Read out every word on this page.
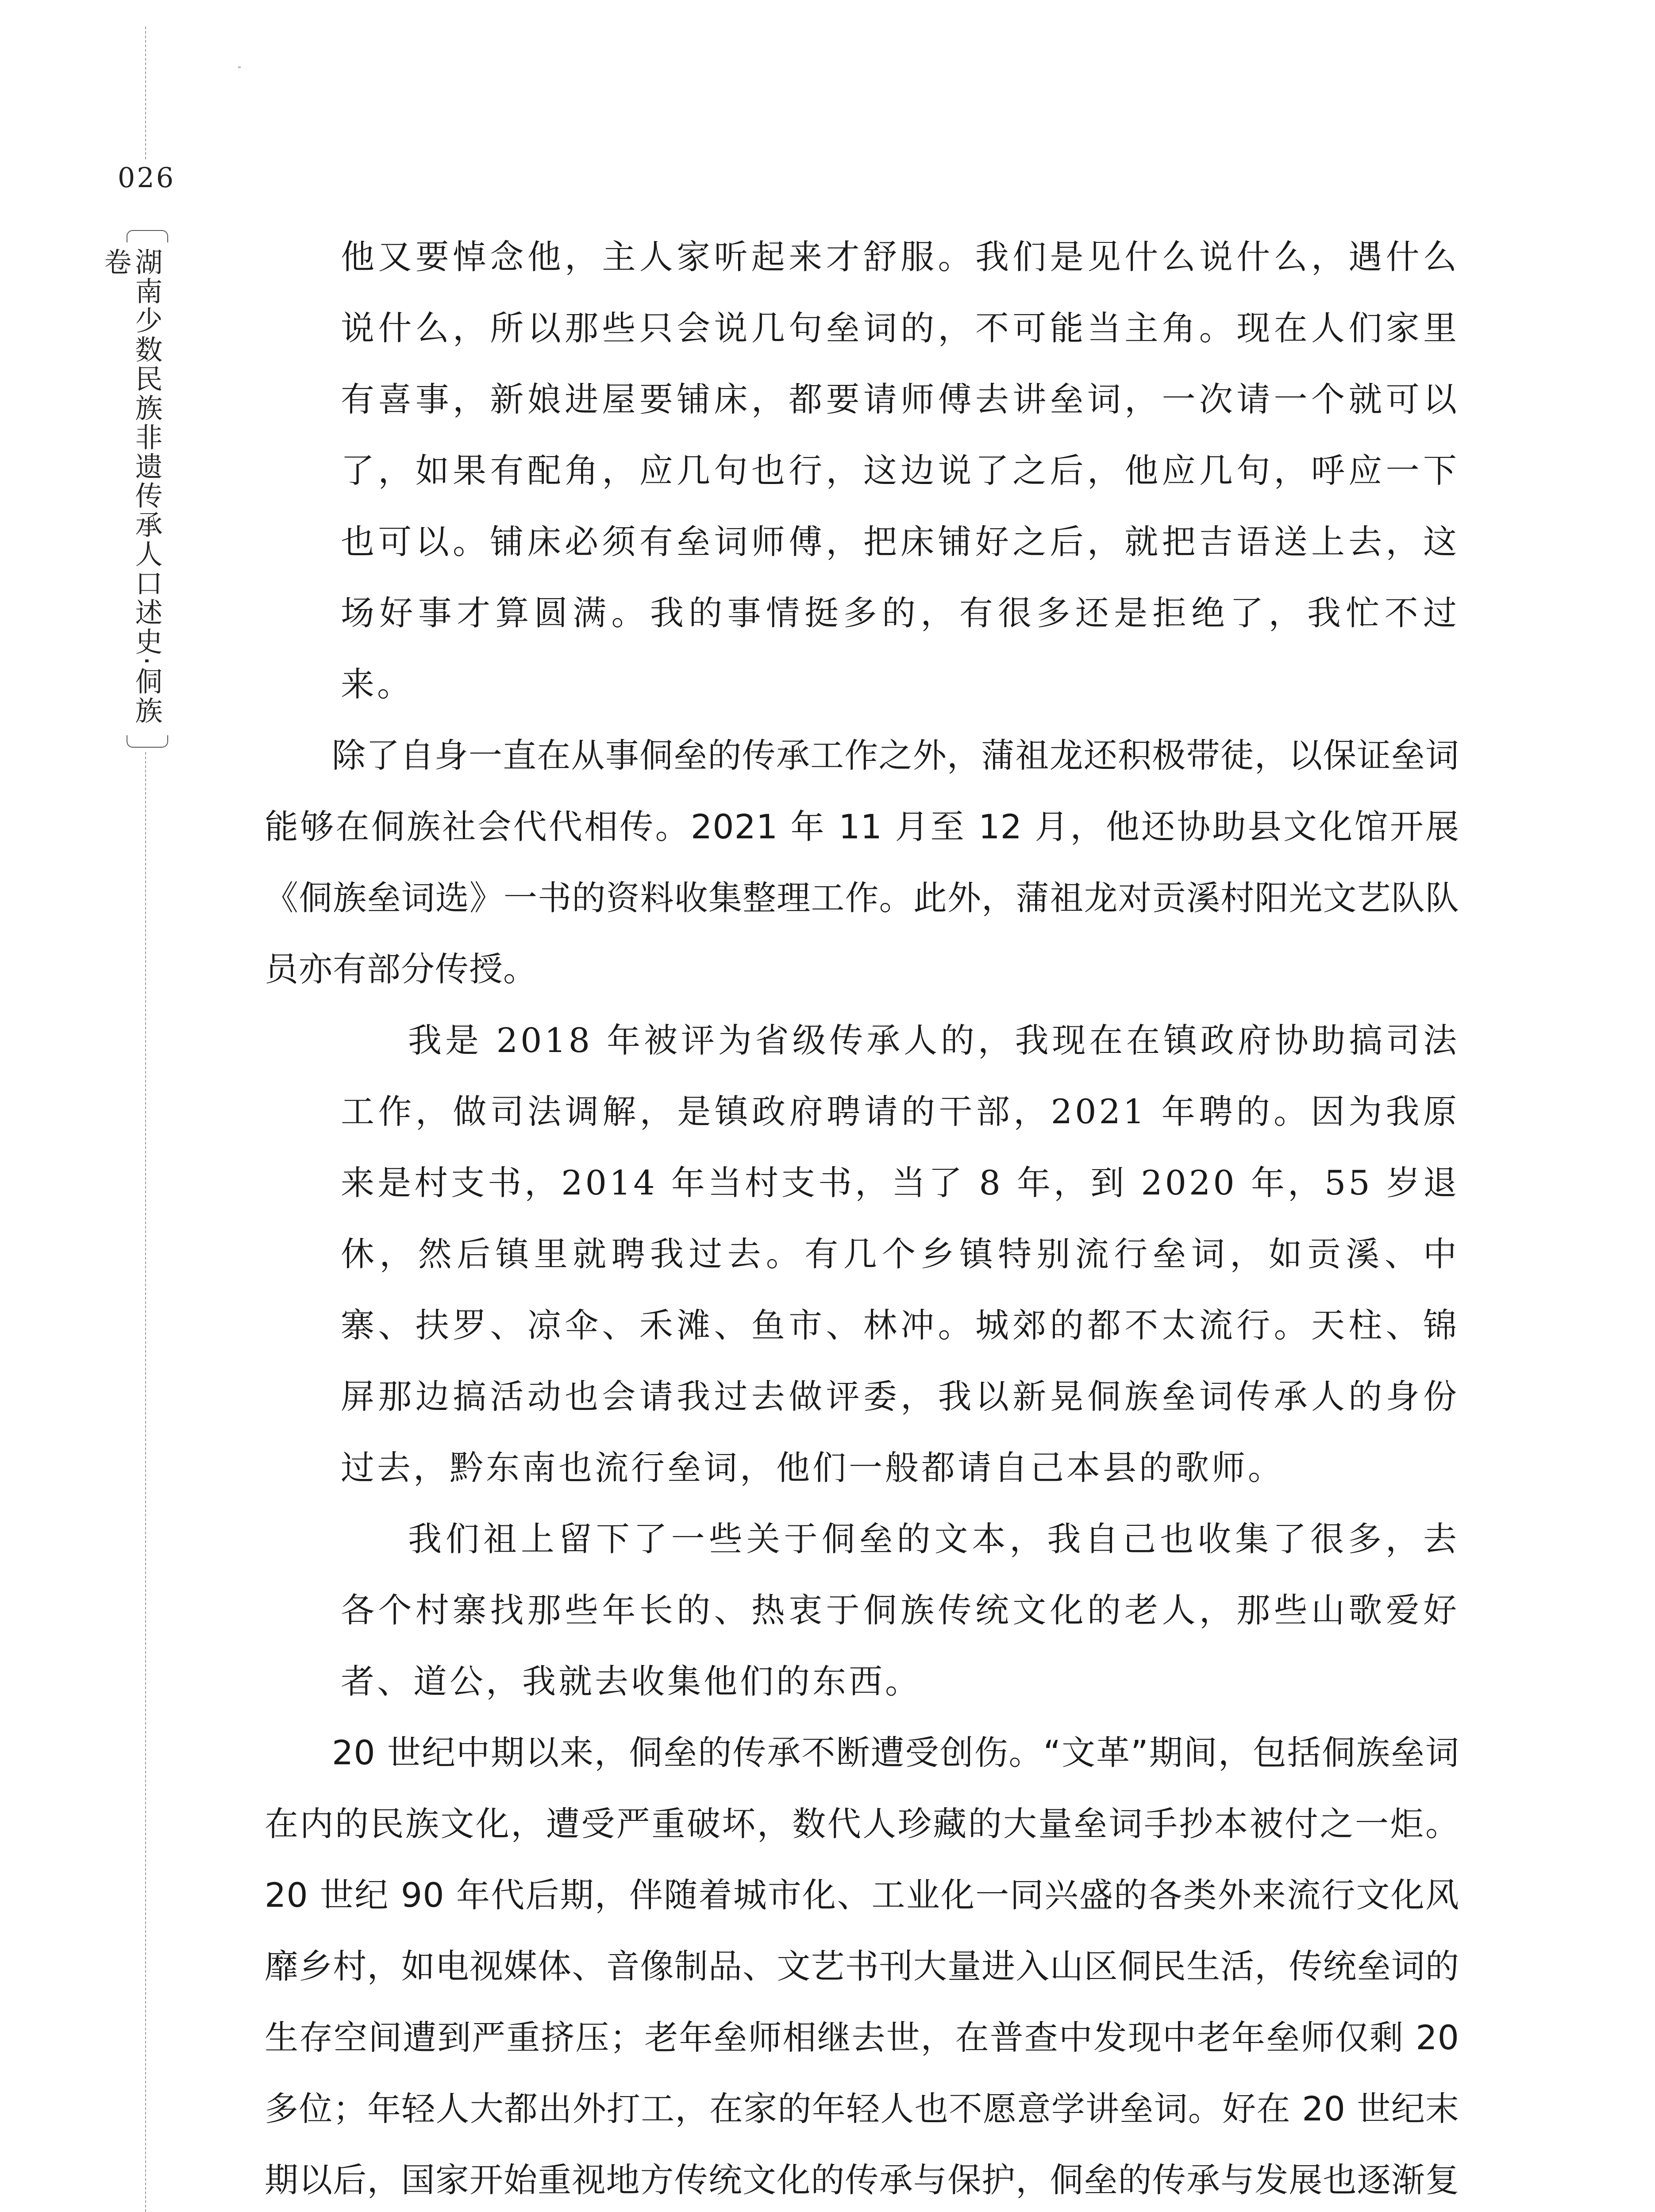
026
湖南少数民族非遗传承人口述史·侗族卷	他又要悼念他，主人家听起来才舒服。我们是见什么说什么，遇什么说什么，所以那些只会说几句垒词的，不可能当主角。现在人们家里有喜事，新娘进屋要铺床，都要请师傅去讲垒词，一次请一个就可以了，如果有配角，应几句也行，这边说了之后，他应几句，呼应一下也可以。铺床必须有垒词师傅，把床铺好之后，就把吉语送上去，这场好事才算圆满。我的事情挺多的，有很多还是拒绝了，我忙不过来。

除了自身一直在从事侗垒的传承工作之外，蒲祖龙还积极带徒，以保证垒词能够在侗族社会代代相传。2021 年 11 月至 12 月，他还协助县文化馆开展《侗族垒词选》一书的资料收集整理工作。此外，蒲祖龙对贡溪村阳光文艺队队员亦有部分传授。

我是 2018 年被评为省级传承人的，我现在在镇政府协助搞司法工作，做司法调解，是镇政府聘请的干部，2021 年聘的。因为我原来是村支书，2014 年当村支书，当了 8 年，到 2020 年，55 岁退休，然后镇里就聘我过去。有几个乡镇特别流行垒词，如贡溪、中寨、扶罗、凉伞、禾滩、鱼市、林冲。城郊的都不太流行。天柱、锦屏那边搞活动也会请我过去做评委，我以新晃侗族垒词传承人的身份过去，黔东南也流行垒词，他们一般都请自己本县的歌师。

我们祖上留下了一些关于侗垒的文本，我自己也收集了很多，去各个村寨找那些年长的、热衷于侗族传统文化的老人，那些山歌爱好者、道公，我就去收集他们的东西。

20 世纪中期以来，侗垒的传承不断遭受创伤。“文革”期间，包括侗族垒词在内的民族文化，遭受严重破坏，数代人珍藏的大量垒词手抄本被付之一炬。20 世纪 90 年代后期，伴随着城市化、工业化一同兴盛的各类外来流行文化风靡乡村，如电视媒体、音像制品、文艺书刊大量进入山区侗民生活，传统垒词的生存空间遭到严重挤压；老年垒师相继去世，在普查中发现中老年垒师仅剩 20 多位；年轻人大都出外打工，在家的年轻人也不愿意学讲垒词。好在 20 世纪末期以后，国家开始重视地方传统文化的传承与保护，侗垒的传承与发展也逐渐复
